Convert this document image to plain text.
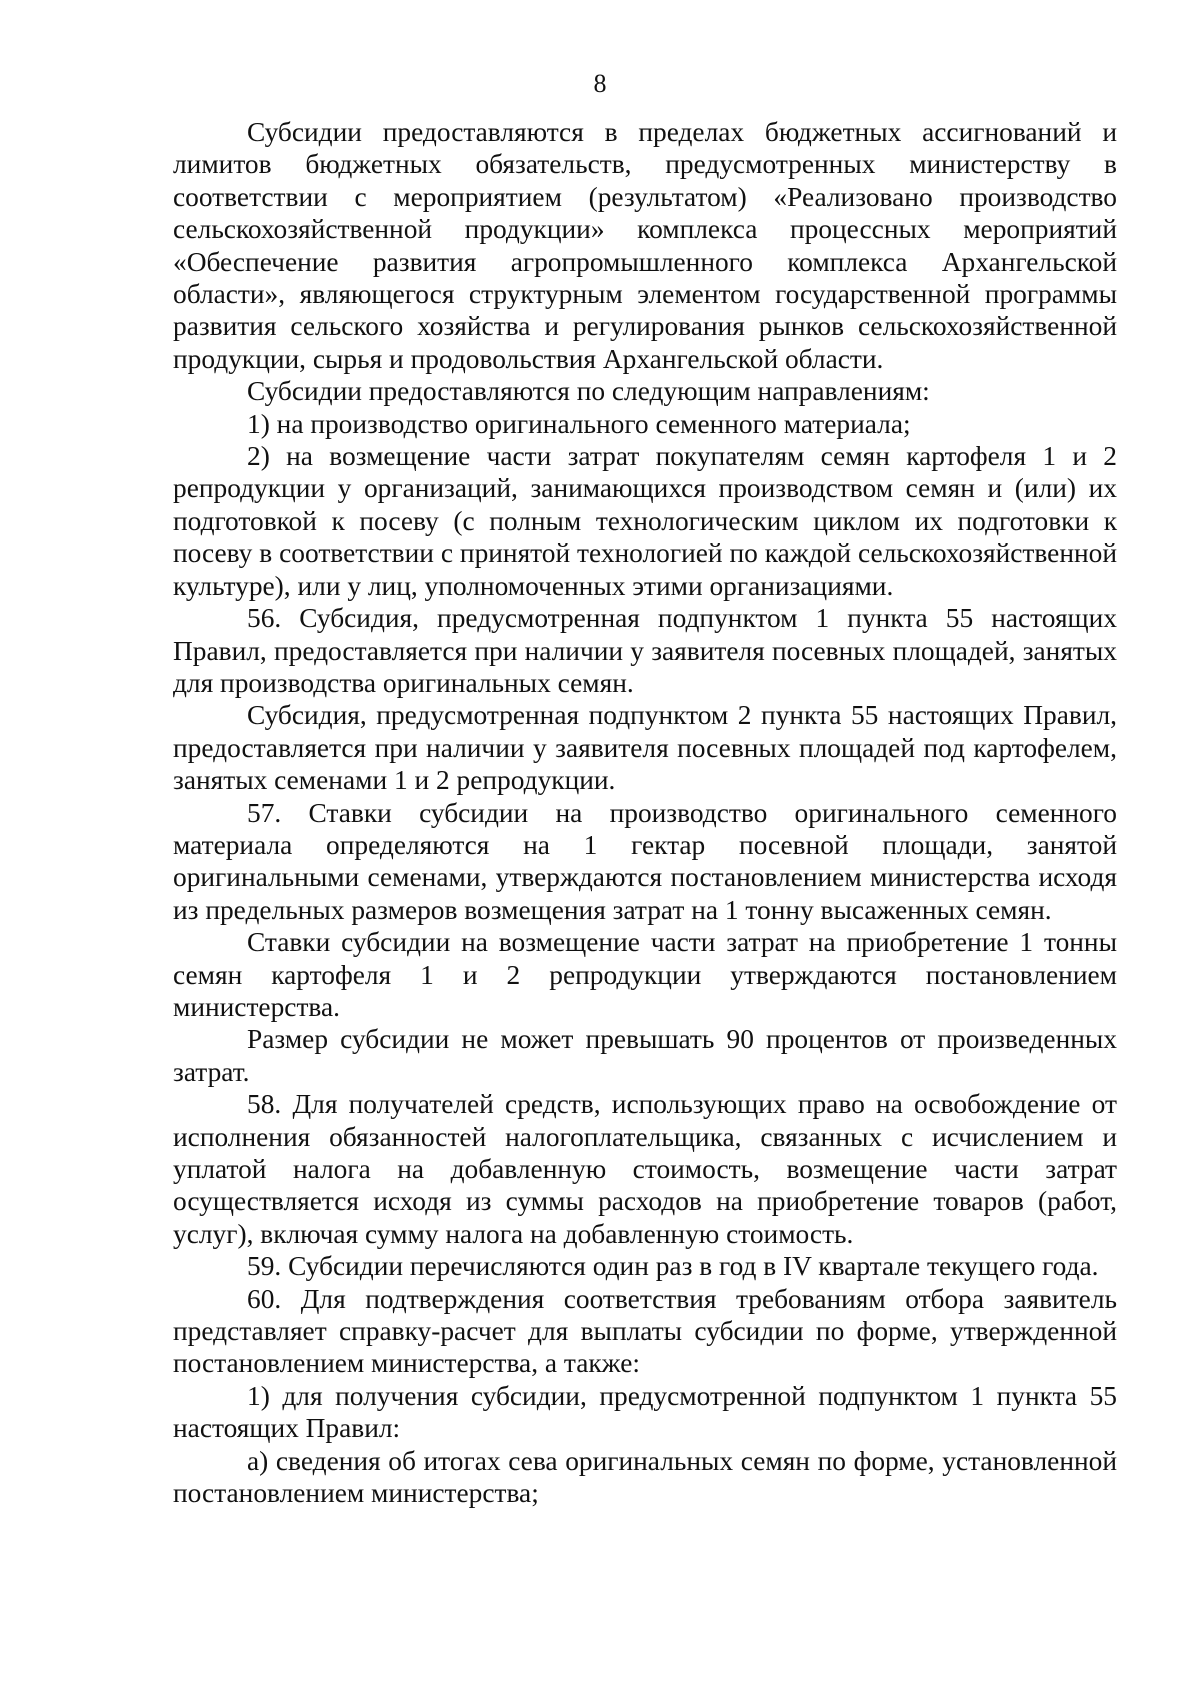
8

Субсидии предоставляются в пределах бюджетных ассигнований и лимитов бюджетных обязательств, предусмотренных министерству в соответствии с мероприятием (результатом) «Реализовано производство сельскохозяйственной продукции» комплекса процессных мероприятий «Обеспечение развития агропромышленного комплекса Архангельской области», являющегося структурным элементом государственной программы развития сельского хозяйства и регулирования рынков сельскохозяйственной продукции, сырья и продовольствия Архангельской области.

Субсидии предоставляются по следующим направлениям:

1) на производство оригинального семенного материала;

2) на возмещение части затрат покупателям семян картофеля 1 и 2 репродукции у организаций, занимающихся производством семян и (или) их подготовкой к посеву (с полным технологическим циклом их подготовки к посеву в соответствии с принятой технологией по каждой сельскохозяйственной культуре), или у лиц, уполномоченных этими организациями.

56. Субсидия, предусмотренная подпунктом 1 пункта 55 настоящих Правил, предоставляется при наличии у заявителя посевных площадей, занятых для производства оригинальных семян.

Субсидия, предусмотренная подпунктом 2 пункта 55 настоящих Правил, предоставляется при наличии у заявителя посевных площадей под картофелем, занятых семенами 1 и 2 репродукции.

57. Ставки субсидии на производство оригинального семенного материала определяются на 1 гектар посевной площади, занятой оригинальными семенами, утверждаются постановлением министерства исходя из предельных размеров возмещения затрат на 1 тонну высаженных семян.

Ставки субсидии на возмещение части затрат на приобретение 1 тонны семян картофеля 1 и 2 репродукции утверждаются постановлением министерства.

Размер субсидии не может превышать 90 процентов от произведенных затрат.

58. Для получателей средств, использующих право на освобождение от исполнения обязанностей налогоплательщика, связанных с исчислением и уплатой налога на добавленную стоимость, возмещение части затрат осуществляется исходя из суммы расходов на приобретение товаров (работ, услуг), включая сумму налога на добавленную стоимость.

59. Субсидии перечисляются один раз в год в IV квартале текущего года.

60. Для подтверждения соответствия требованиям отбора заявитель представляет справку-расчет для выплаты субсидии по форме, утвержденной постановлением министерства, а также:

1) для получения субсидии, предусмотренной подпунктом 1 пункта 55 настоящих Правил:

а) сведения об итогах сева оригинальных семян по форме, установленной постановлением министерства;
